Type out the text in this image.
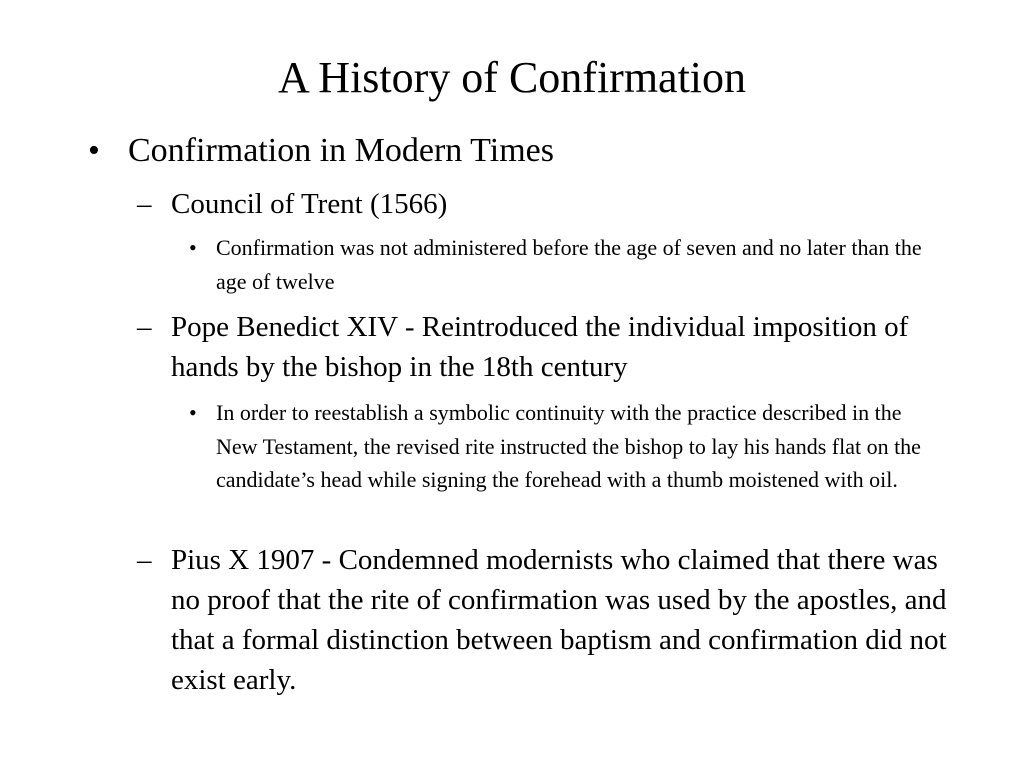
A History of Confirmation
• Confirmation in Modern Times
– Council of Trent (1566)
• Confirmation was not administered before the age of seven and no later than the age of twelve
– Pope Benedict XIV - Reintroduced the individual imposition of hands by the bishop in the 18th century
• In order to reestablish a symbolic continuity with the practice described in the New Testament, the revised rite instructed the bishop to lay his hands flat on the candidate’s head while signing the forehead with a thumb moistened with oil.
– Pius X 1907 - Condemned modernists who claimed that there was no proof that the rite of confirmation was used by the apostles, and that a formal distinction between baptism and confirmation did not exist early.
